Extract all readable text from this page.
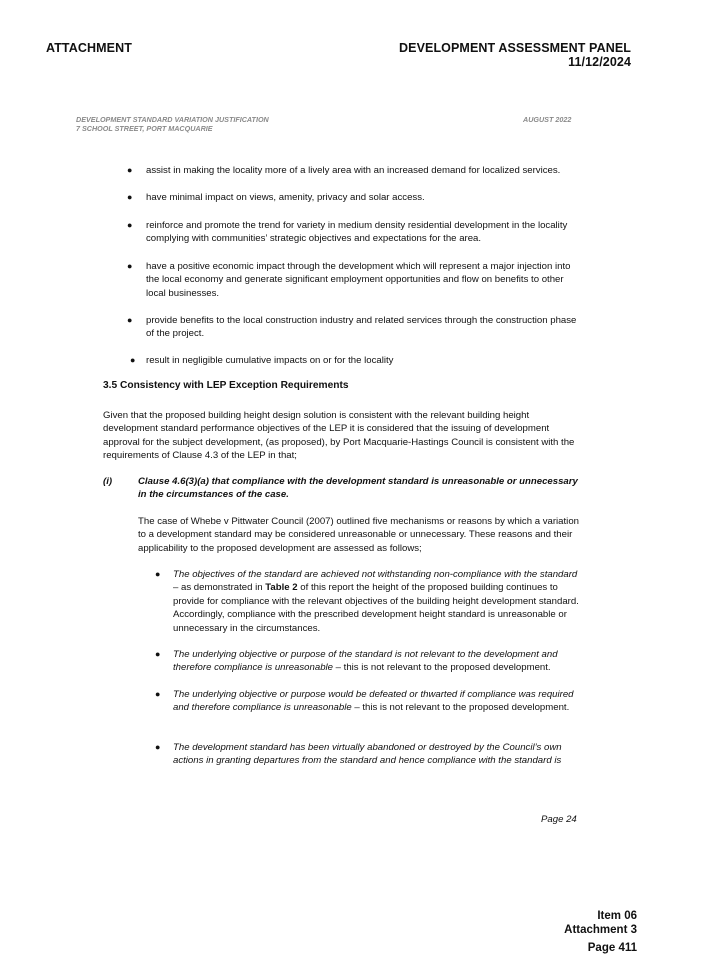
ATTACHMENT	DEVELOPMENT ASSESSMENT PANEL
11/12/2024
DEVELOPMENT STANDARD VARIATION JUSTIFICATION
7 SCHOOL STREET, PORT MACQUARIE
AUGUST 2022
● assist in making the locality more of a lively area with an increased demand for localized services.
● have minimal impact on views, amenity, privacy and solar access.
● reinforce and promote the trend for variety in medium density residential development in the locality complying with communities’ strategic objectives and expectations for the area.
● have a positive economic impact through the development which will represent a major injection into the local economy and generate significant employment opportunities and flow on benefits to other local businesses.
● provide benefits to the local construction industry and related services through the construction phase of the project.
● result in negligible cumulative impacts on or for the locality
3.5 Consistency with LEP Exception Requirements
Given that the proposed building height design solution is consistent with the relevant building height development standard performance objectives of the LEP it is considered that the issuing of development approval for the subject development, (as proposed), by Port Macquarie-Hastings Council is consistent with the requirements of Clause 4.3 of the LEP in that;
(i)	Clause 4.6(3)(a) that compliance with the development standard is unreasonable or unnecessary in the circumstances of the case.
The case of Whebe v Pittwater Council (2007) outlined five mechanisms or reasons by which a variation to a development standard may be considered unreasonable or unnecessary. These reasons and their applicability to the proposed development are assessed as follows;
● The objectives of the standard are achieved not withstanding non-compliance with the standard – as demonstrated in Table 2 of this report the height of the proposed building continues to provide for compliance with the relevant objectives of the building height development standard. Accordingly, compliance with the prescribed development height standard is unreasonable or unnecessary in the circumstances.
● The underlying objective or purpose of the standard is not relevant to the development and therefore compliance is unreasonable – this is not relevant to the proposed development.
● The underlying objective or purpose would be defeated or thwarted if compliance was required and therefore compliance is unreasonable – this is not relevant to the proposed development.
● The development standard has been virtually abandoned or destroyed by the Council’s own actions in granting departures from the standard and hence compliance with the standard is
Page 24
Item 06
Attachment 3
Page 411
